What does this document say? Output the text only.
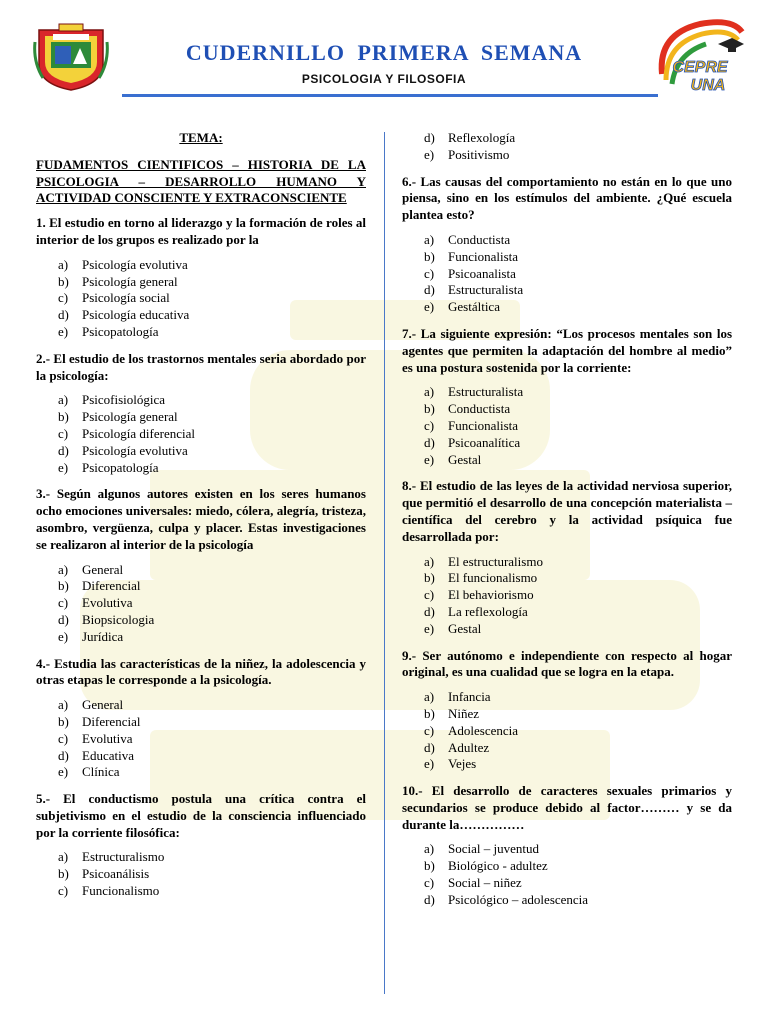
CUDERNILLO PRIMERA SEMANA
PSICOLOGIA Y FILOSOFIA
CEPRE
UNA

TEMA:

FUDAMENTOS CIENTIFICOS – HISTORIA DE LA PSICOLOGIA – DESARROLLO HUMANO Y ACTIVIDAD CONSCIENTE Y EXTRACONSCIENTE

1. El estudio en torno al liderazgo y la formación de roles al interior de los grupos es realizado por la

a)	Psicología evolutiva
b)	Psicología general
c)	Psicología social
d)	Psicología educativa
e)	Psicopatología

2.- El estudio de los trastornos mentales seria abordado por la psicología:

a)	Psicofisiológica
b)	Psicología general
c)	Psicología diferencial
d)	Psicología evolutiva
e)	Psicopatología

3.- Según algunos autores existen en los seres humanos ocho emociones universales: miedo, cólera, alegría, tristeza, asombro, vergüenza, culpa y placer. Estas investigaciones se realizaron al interior de la psicología

a)	General
b)	Diferencial
c)	Evolutiva
d)	Biopsicologia
e)	Jurídica

4.- Estudia las características de la niñez, la adolescencia y otras etapas le corresponde a la psicología.

a)	General
b)	Diferencial
c)	Evolutiva
d)	Educativa
e)	Clínica

5.- El conductismo postula una crítica contra el subjetivismo en el estudio de la consciencia influenciado por la corriente filosófica:

a)	Estructuralismo
b)	Psicoanálisis
c)	Funcionalismo
d)	Reflexología
e)	Positivismo

6.- Las causas del comportamiento no están en lo que uno piensa, sino en los estímulos del ambiente. ¿Qué escuela plantea esto?

a)	Conductista
b)	Funcionalista
c)	Psicoanalista
d)	Estructuralista
e)	Gestáltica

7.- La siguiente expresión: “Los procesos mentales son los agentes que permiten la adaptación del hombre al medio” es una postura sostenida por la corriente:

a)	Estructuralista
b)	Conductista
c)	Funcionalista
d)	Psicoanalítica
e)	Gestal

8.- El estudio de las leyes de la actividad nerviosa superior, que permitió el desarrollo de una concepción materialista – científica del cerebro y la actividad psíquica fue desarrollada por:

a)	El estructuralismo
b)	El funcionalismo
c)	El behaviorismo
d)	La reflexología
e)	Gestal

9.- Ser autónomo e independiente con respecto al hogar original, es una cualidad que se logra en la etapa.

a)	Infancia
b)	Niñez
c)	Adolescencia
d)	Adultez
e)	Vejes

10.- El desarrollo de caracteres sexuales primarios y secundarios se produce debido al factor……… y se da durante la……………

a)	Social – juventud
b)	Biológico - adultez
c)	Social – niñez
d)	Psicológico – adolescencia
